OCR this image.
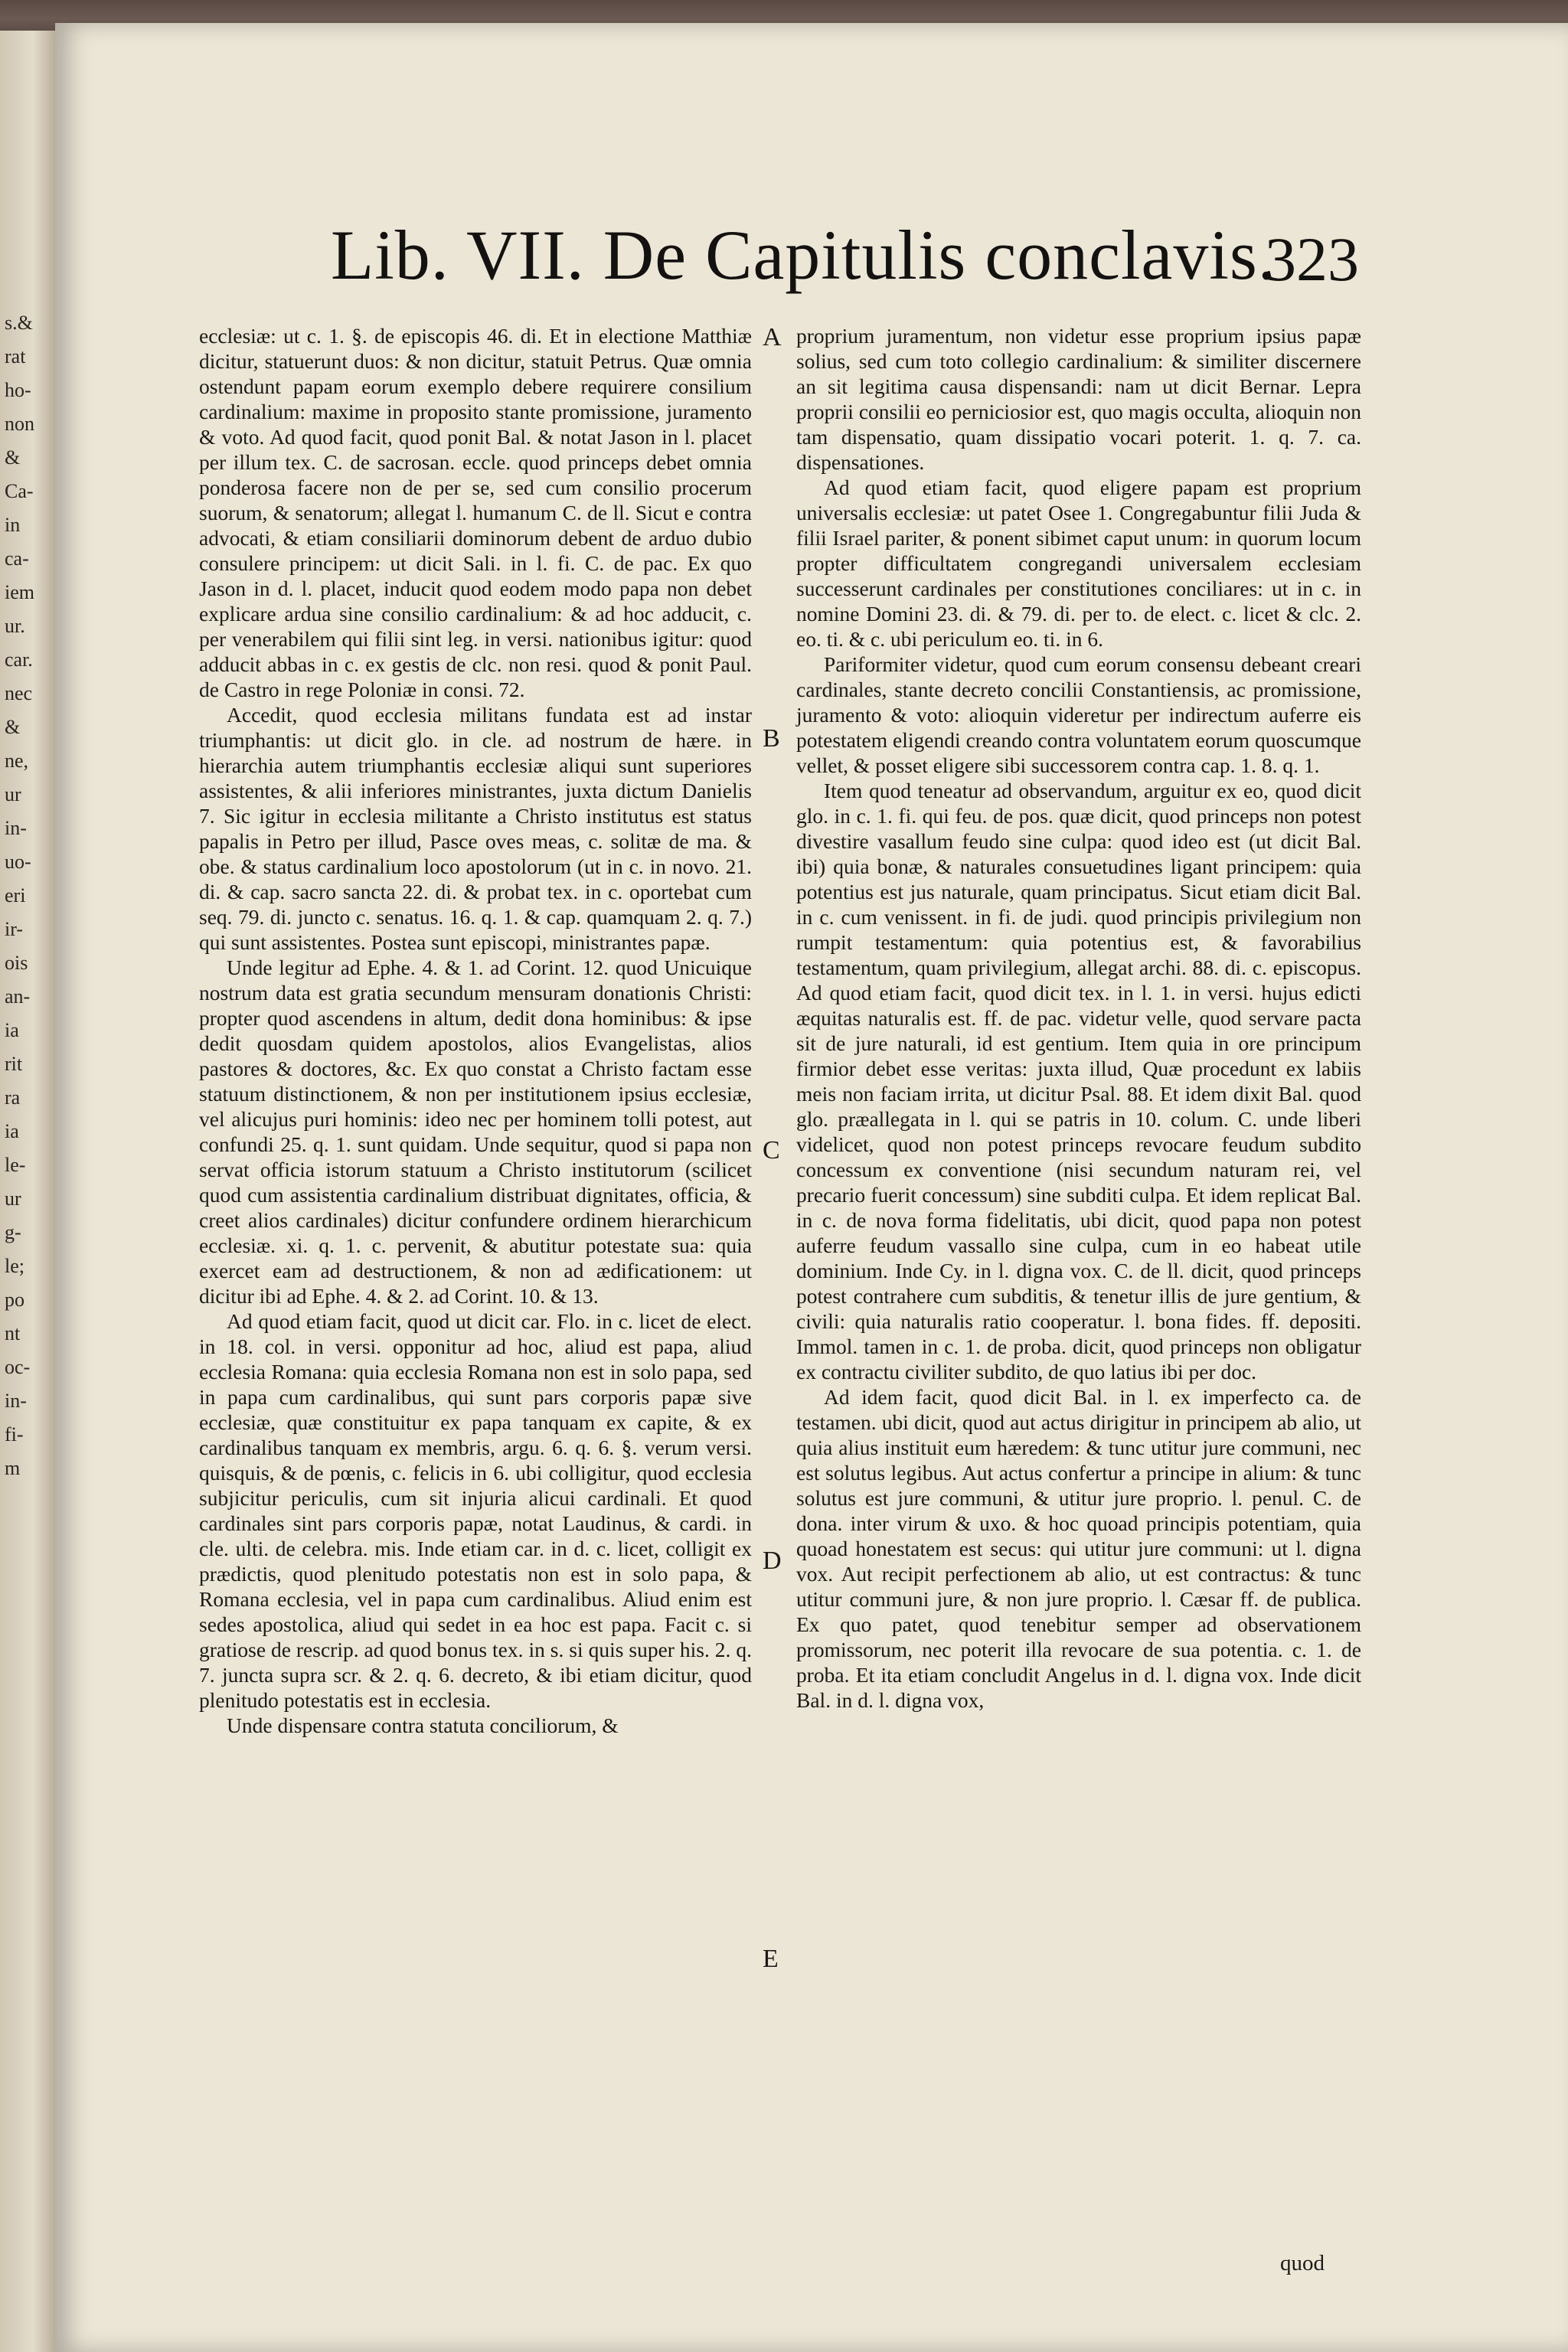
s.&
rat
ho-
non
&
Ca-
in
ca-
iem
ur.
car.
nec
&
ne,
ur
in-
uo-
eri
ir-
ois
an-
ia
rit
ra
ia
le-
ur
g-
le;
po
nt
oc-
in-
fi-
m
Lib. VII. De Capitulis conclavis.
323

ecclesiæ: ut c. 1. §. de episcopis 46. di. Et in electione Matthiæ dicitur, statuerunt duos: & non dicitur, statuit Petrus. Quæ omnia ostendunt papam eorum exemplo debere requirere consilium cardinalium: maxime in proposito stante promissione, juramento & voto. Ad quod facit, quod ponit Bal. & notat Jason in l. placet per illum tex. C. de sacrosan. eccle. quod princeps debet omnia ponderosa facere non de per se, sed cum consilio procerum suorum, & senatorum; allegat l. humanum C. de ll. Sicut e contra advocati, & etiam consiliarii dominorum debent de arduo dubio consulere principem: ut dicit Sali. in l. fi. C. de pac. Ex quo Jason in d. l. placet, inducit quod eodem modo papa non debet explicare ardua sine consilio cardinalium: & ad hoc adducit, c. per venerabilem qui filii sint leg. in versi. nationibus igitur: quod adducit abbas in c. ex gestis de clc. non resi. quod & ponit Paul. de Castro in rege Poloniæ in consi. 72.

Accedit, quod ecclesia militans fundata est ad instar triumphantis: ut dicit glo. in cle. ad nostrum de hære. in hierarchia autem triumphantis ecclesiæ aliqui sunt superiores assistentes, & alii inferiores ministrantes, juxta dictum Danielis 7. Sic igitur in ecclesia militante a Christo institutus est status papalis in Petro per illud, Pasce oves meas, c. solitæ de ma. & obe. & status cardinalium loco apostolorum (ut in c. in novo. 21. di. & cap. sacro sancta 22. di. & probat tex. in c. oportebat cum seq. 79. di. juncto c. senatus. 16. q. 1. & cap. quamquam 2. q. 7.) qui sunt assistentes. Postea sunt episcopi, ministrantes papæ.

Unde legitur ad Ephe. 4. & 1. ad Corint. 12. quod Unicuique nostrum data est gratia secundum mensuram donationis Christi: propter quod ascendens in altum, dedit dona hominibus: & ipse dedit quosdam quidem apostolos, alios Evangelistas, alios pastores & doctores, &c. Ex quo constat a Christo factam esse statuum distinctionem, & non per institutionem ipsius ecclesiæ, vel alicujus puri hominis: ideo nec per hominem tolli potest, aut confundi 25. q. 1. sunt quidam. Unde sequitur, quod si papa non servat officia istorum statuum a Christo institutorum (scilicet quod cum assistentia cardinalium distribuat dignitates, officia, & creet alios cardinales) dicitur confundere ordinem hierarchicum ecclesiæ. xi. q. 1. c. pervenit, & abutitur potestate sua: quia exercet eam ad destructionem, & non ad ædificationem: ut dicitur ibi ad Ephe. 4. & 2. ad Corint. 10. & 13.

Ad quod etiam facit, quod ut dicit car. Flo. in c. licet de elect. in 18. col. in versi. opponitur ad hoc, aliud est papa, aliud ecclesia Romana: quia ecclesia Romana non est in solo papa, sed in papa cum cardinalibus, qui sunt pars corporis papæ sive ecclesiæ, quæ constituitur ex papa tanquam ex capite, & ex cardinalibus tanquam ex membris, argu. 6. q. 6. §. verum versi. quisquis, & de pœnis, c. felicis in 6. ubi colligitur, quod ecclesia subjicitur periculis, cum sit injuria alicui cardinali. Et quod cardinales sint pars corporis papæ, notat Laudinus, & cardi. in cle. ulti. de celebra. mis. Inde etiam car. in d. c. licet, colligit ex prædictis, quod plenitudo potestatis non est in solo papa, & Romana ecclesia, vel in papa cum cardinalibus. Aliud enim est sedes apostolica, aliud qui sedet in ea hoc est papa. Facit c. si gratiose de rescrip. ad quod bonus tex. in s. si quis super his. 2. q. 7. juncta supra scr. & 2. q. 6. decreto, & ibi etiam dicitur, quod plenitudo potestatis est in ecclesia.

Unde dispensare contra statuta conciliorum, &

A
B
C
D
E

proprium juramentum, non videtur esse proprium ipsius papæ solius, sed cum toto collegio cardinalium: & similiter discernere an sit legitima causa dispensandi: nam ut dicit Bernar. Lepra proprii consilii eo perniciosior est, quo magis occulta, alioquin non tam dispensatio, quam dissipatio vocari poterit. 1. q. 7. ca. dispensationes.

Ad quod etiam facit, quod eligere papam est proprium universalis ecclesiæ: ut patet Osee 1. Congregabuntur filii Juda & filii Israel pariter, & ponent sibimet caput unum: in quorum locum propter difficultatem congregandi universalem ecclesiam successerunt cardinales per constitutiones conciliares: ut in c. in nomine Domini 23. di. & 79. di. per to. de elect. c. licet & clc. 2. eo. ti. & c. ubi periculum eo. ti. in 6.

Pariformiter videtur, quod cum eorum consensu debeant creari cardinales, stante decreto concilii Constantiensis, ac promissione, juramento & voto: alioquin videretur per indirectum auferre eis potestatem eligendi creando contra voluntatem eorum quoscumque vellet, & posset eligere sibi successorem contra cap. 1. 8. q. 1.

Item quod teneatur ad observandum, arguitur ex eo, quod dicit glo. in c. 1. fi. qui feu. de pos. quæ dicit, quod princeps non potest divestire vasallum feudo sine culpa: quod ideo est (ut dicit Bal. ibi) quia bonæ, & naturales consuetudines ligant principem: quia potentius est jus naturale, quam principatus. Sicut etiam dicit Bal. in c. cum venissent. in fi. de judi. quod principis privilegium non rumpit testamentum: quia potentius est, & favorabilius testamentum, quam privilegium, allegat archi. 88. di. c. episcopus. Ad quod etiam facit, quod dicit tex. in l. 1. in versi. hujus edicti æquitas naturalis est. ff. de pac. videtur velle, quod servare pacta sit de jure naturali, id est gentium. Item quia in ore principum firmior debet esse veritas: juxta illud, Quæ procedunt ex labiis meis non faciam irrita, ut dicitur Psal. 88. Et idem dixit Bal. quod glo. præallegata in l. qui se patris in 10. colum. C. unde liberi videlicet, quod non potest princeps revocare feudum subdito concessum ex conventione (nisi secundum naturam rei, vel precario fuerit concessum) sine subditi culpa. Et idem replicat Bal. in c. de nova forma fidelitatis, ubi dicit, quod papa non potest auferre feudum vassallo sine culpa, cum in eo habeat utile dominium. Inde Cy. in l. digna vox. C. de ll. dicit, quod princeps potest contrahere cum subditis, & tenetur illis de jure gentium, & civili: quia naturalis ratio cooperatur. l. bona fides. ff. depositi. Immol. tamen in c. 1. de proba. dicit, quod princeps non obligatur ex contractu civiliter subdito, de quo latius ibi per doc.

Ad idem facit, quod dicit Bal. in l. ex imperfecto ca. de testamen. ubi dicit, quod aut actus dirigitur in principem ab alio, ut quia alius instituit eum hæredem: & tunc utitur jure communi, nec est solutus legibus. Aut actus confertur a principe in alium: & tunc solutus est jure communi, & utitur jure proprio. l. penul. C. de dona. inter virum & uxo. & hoc quoad principis potentiam, quia quoad honestatem est secus: qui utitur jure communi: ut l. digna vox. Aut recipit perfectionem ab alio, ut est contractus: & tunc utitur communi jure, & non jure proprio. l. Cæsar ff. de publica. Ex quo patet, quod tenebitur semper ad observationem promissorum, nec poterit illa revocare de sua potentia. c. 1. de proba. Et ita etiam concludit Angelus in d. l. digna vox. Inde dicit Bal. in d. l. digna vox,

quod
